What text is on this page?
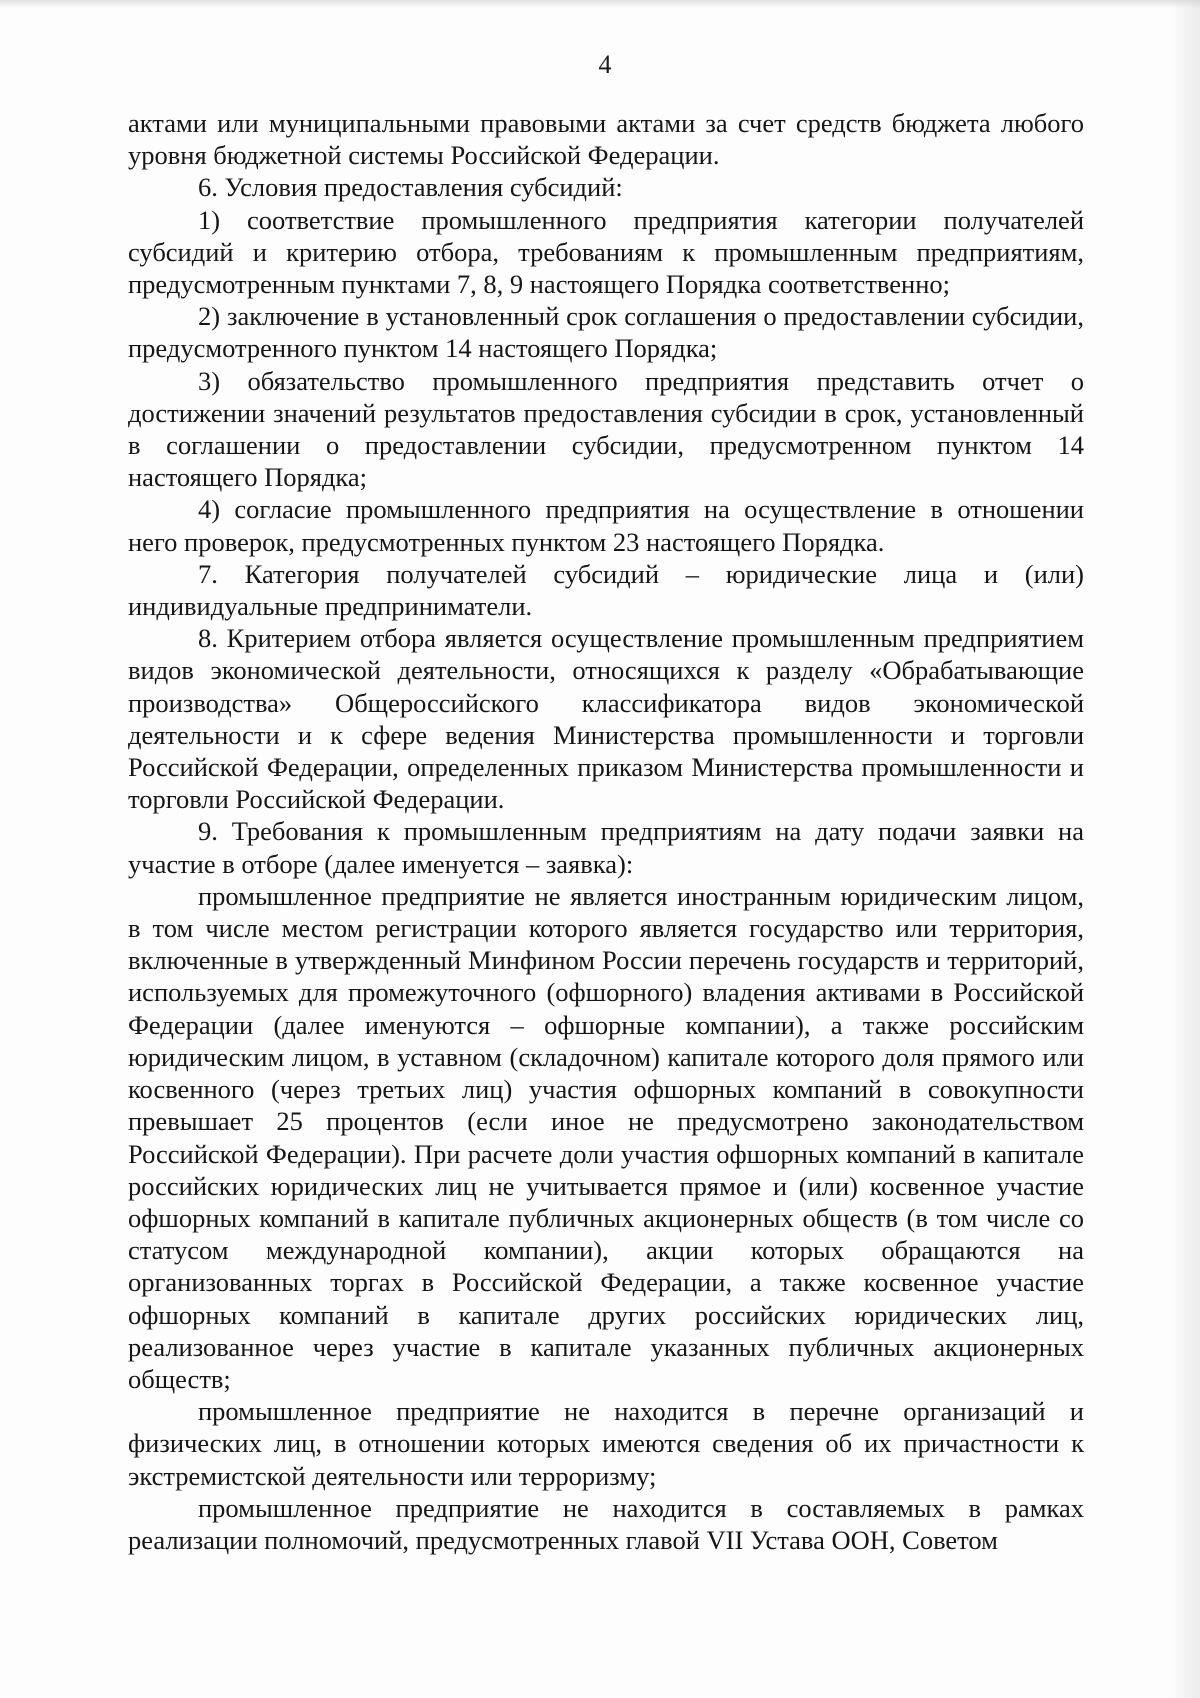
4

актами или муниципальными правовыми актами за счет средств бюджета любого уровня бюджетной системы Российской Федерации.

6. Условия предоставления субсидий:

1) соответствие промышленного предприятия категории получателей субсидий и критерию отбора, требованиям к промышленным предприятиям, предусмотренным пунктами 7, 8, 9 настоящего Порядка соответственно;

2) заключение в установленный срок соглашения о предоставлении субсидии, предусмотренного пунктом 14 настоящего Порядка;

3) обязательство промышленного предприятия представить отчет о достижении значений результатов предоставления субсидии в срок, установленный в соглашении о предоставлении субсидии, предусмотренном пунктом 14 настоящего Порядка;

4) согласие промышленного предприятия на осуществление в отношении него проверок, предусмотренных пунктом 23 настоящего Порядка.

7. Категория получателей субсидий – юридические лица и (или) индивидуальные предприниматели.

8. Критерием отбора является осуществление промышленным предприятием видов экономической деятельности, относящихся к разделу «Обрабатывающие производства» Общероссийского классификатора видов экономической деятельности и к сфере ведения Министерства промышленности и торговли Российской Федерации, определенных приказом Министерства промышленности и торговли Российской Федерации.

9. Требования к промышленным предприятиям на дату подачи заявки на участие в отборе (далее именуется – заявка):

промышленное предприятие не является иностранным юридическим лицом, в том числе местом регистрации которого является государство или территория, включенные в утвержденный Минфином России перечень государств и территорий, используемых для промежуточного (офшорного) владения активами в Российской Федерации (далее именуются – офшорные компании), а также российским юридическим лицом, в уставном (складочном) капитале которого доля прямого или косвенного (через третьих лиц) участия офшорных компаний в совокупности превышает 25 процентов (если иное не предусмотрено законодательством Российской Федерации). При расчете доли участия офшорных компаний в капитале российских юридических лиц не учитывается прямое и (или) косвенное участие офшорных компаний в капитале публичных акционерных обществ (в том числе со статусом международной компании), акции которых обращаются на организованных торгах в Российской Федерации, а также косвенное участие офшорных компаний в капитале других российских юридических лиц, реализованное через участие в капитале указанных публичных акционерных обществ;

промышленное предприятие не находится в перечне организаций и физических лиц, в отношении которых имеются сведения об их причастности к экстремистской деятельности или терроризму;

промышленное предприятие не находится в составляемых в рамках реализации полномочий, предусмотренных главой VII Устава ООН, Советом
